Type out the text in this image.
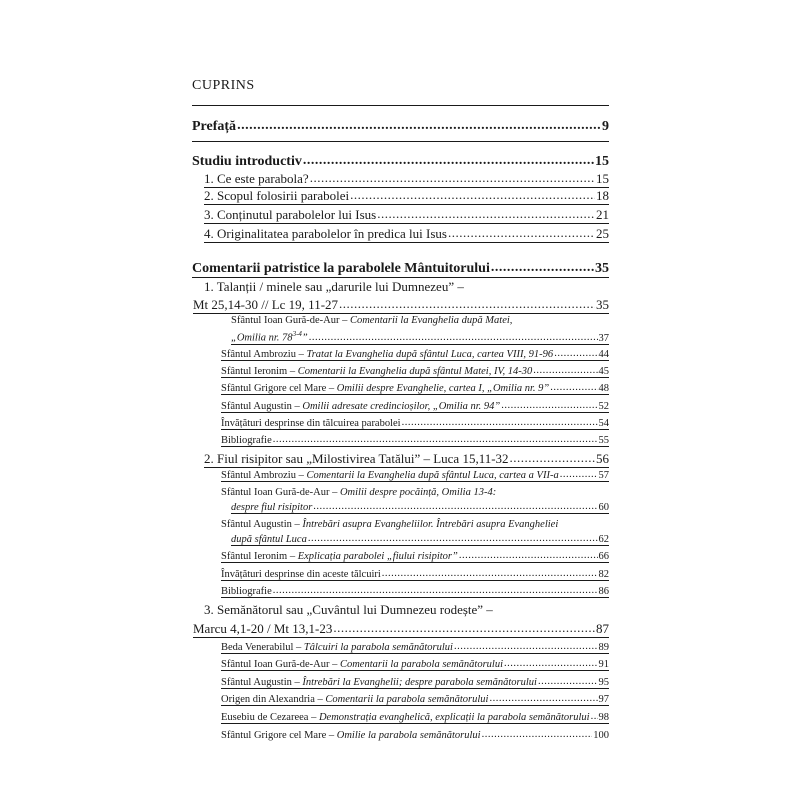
CUPRINS
Prefață .....	9
Studiu introductiv .....	15
1. Ce este parabola? .....	15
2. Scopul folosirii parabolei .....	18
3. Conținutul parabolelor lui Isus .....	21
4. Originalitatea parabolelor în predica lui Isus .....	25
Comentarii patristice la parabolele Mântuitorului .....	35
1. Talanții / minele sau „darurile lui Dumnezeu” –
Mt 25,14-30 // Lc 19, 11-27 .....	35
Sfântul Ioan Gură-de-Aur – Comentarii la Evanghelia după Matei,
„Omilia nr. 78$^{3-4}$” .....	37
Sfântul Ambroziu – Tratat la Evanghelia după sfântul Luca, cartea VIII, 91-96 .....	44
Sfântul Ieronim – Comentarii la Evanghelia după sfântul Matei, IV, 14-30 .....	45
Sfântul Grigore cel Mare – Omilii despre Evanghelie, cartea I, „Omilia nr. 9” .....	48
Sfântul Augustin – Omilii adresate credincioșilor, „Omilia nr. 94” .....	52
Învățături desprinse din tălcuirea parabolei .....	54
Bibliografie .....	55
2. Fiul risipitor sau „Milostivirea Tatălui” – Luca 15,11-32 .....	56
Sfântul Ambroziu – Comentarii la Evanghelia după sfântul Luca, cartea a VII-a .....	57
Sfântul Ioan Gură-de-Aur – Omilii despre pocăință, Omilia 13-4:
despre fiul risipitor .....	60
Sfântul Augustin – Întrebări asupra Evangheliilor. Întrebări asupra Evangheliei
după sfântul Luca .....	62
Sfântul Ieronim – Explicația parabolei „fiului risipitor” .....	66
Învățături desprinse din aceste tălcuiri .....	82
Bibliografie .....	86
3. Semănătorul sau „Cuvântul lui Dumnezeu rodește” –
Marcu 4,1-20 / Mt 13,1-23 .....	87
Beda Venerabilul – Tâlcuiri la parabola semănătorului .....	89
Sfântul Ioan Gură-de-Aur – Comentarii la parabola semănătorului .....	91
Sfântul Augustin – Întrebări la Evanghelii; despre parabola semănătorului .....	95
Origen din Alexandria – Comentarii la parabola semănătorului .....	97
Eusebiu de Cezareea – Demonstrația evanghelică, explicații la parabola semănătorului ..... 98
Sfântul Grigore cel Mare – Omilie la parabola semănătorului .....	100
